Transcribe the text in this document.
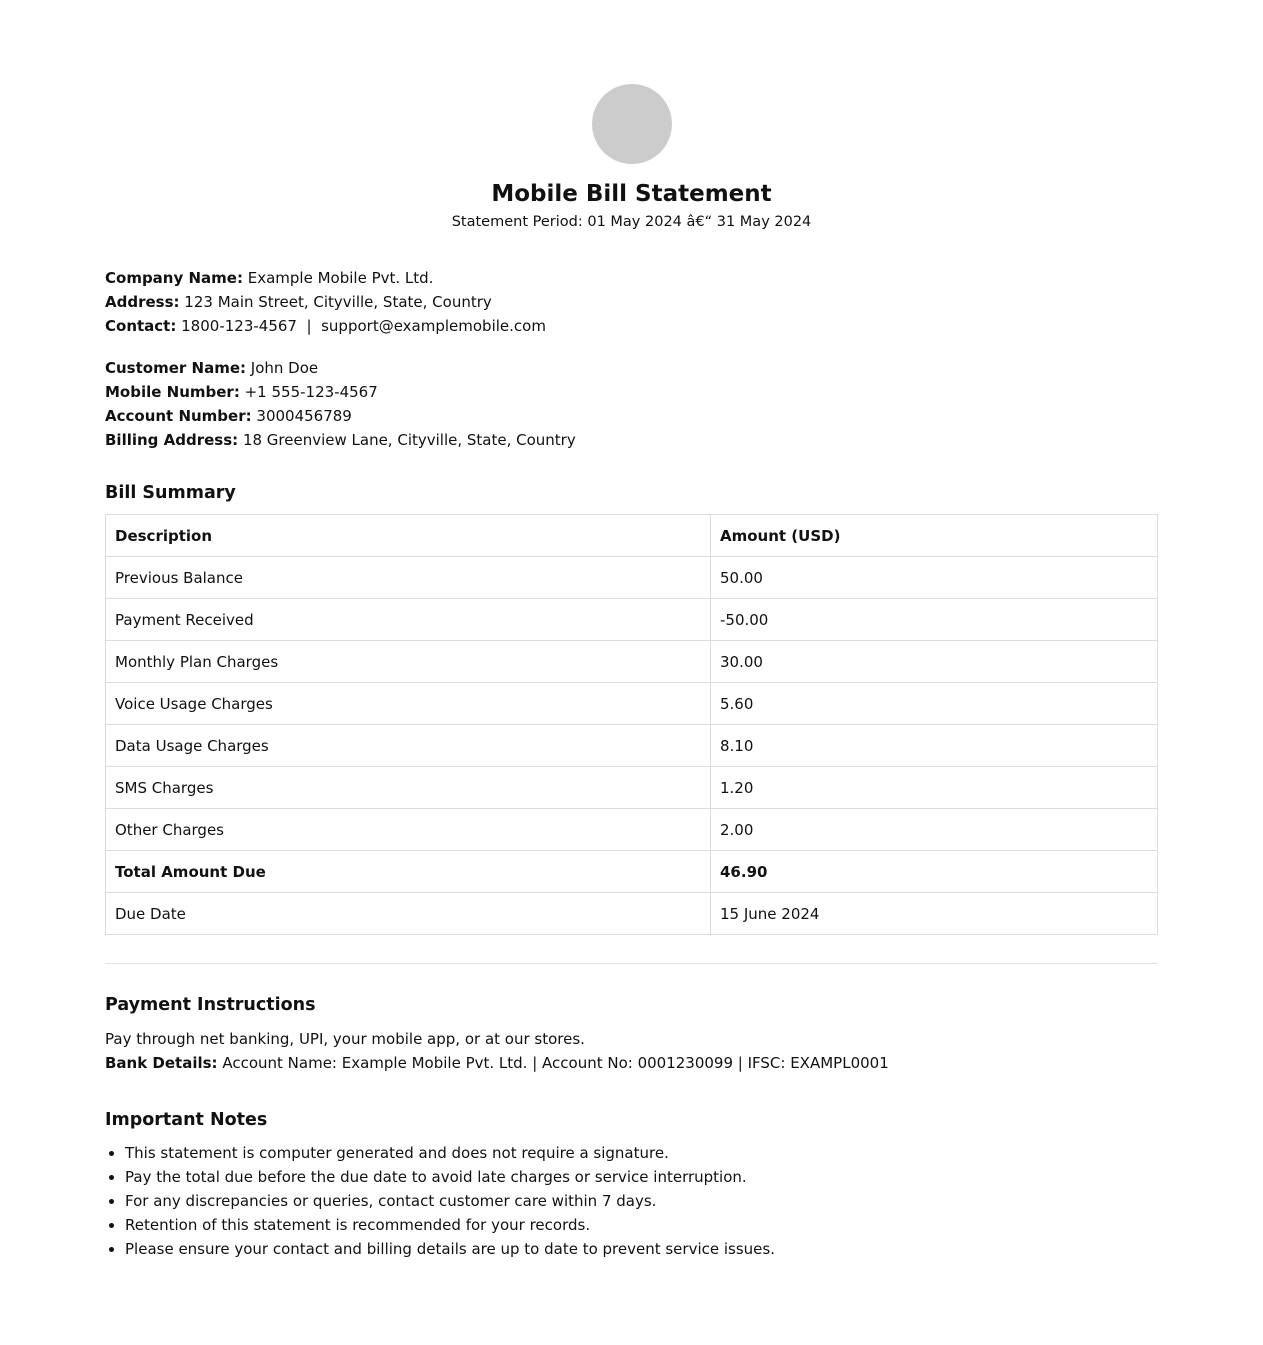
Mobile Bill Statement
Statement Period: 01 May 2024 â€“ 31 May 2024
Company Name: Example Mobile Pvt. Ltd.
Address: 123 Main Street, Cityville, State, Country
Contact: 1800-123-4567 | support@examplemobile.com
Customer Name: John Doe
Mobile Number: +1 555-123-4567
Account Number: 3000456789
Billing Address: 18 Greenview Lane, Cityville, State, Country
Bill Summary
Description	Amount (USD)
Previous Balance	50.00
Payment Received	-50.00
Monthly Plan Charges	30.00
Voice Usage Charges	5.60
Data Usage Charges	8.10
SMS Charges	1.20
Other Charges	2.00
Total Amount Due	46.90
Due Date	15 June 2024
Payment Instructions
Pay through net banking, UPI, your mobile app, or at our stores.
Bank Details: Account Name: Example Mobile Pvt. Ltd. | Account No: 0001230099 | IFSC: EXAMPL0001
Important Notes
• This statement is computer generated and does not require a signature.
• Pay the total due before the due date to avoid late charges or service interruption.
• For any discrepancies or queries, contact customer care within 7 days.
• Retention of this statement is recommended for your records.
• Please ensure your contact and billing details are up to date to prevent service issues.
